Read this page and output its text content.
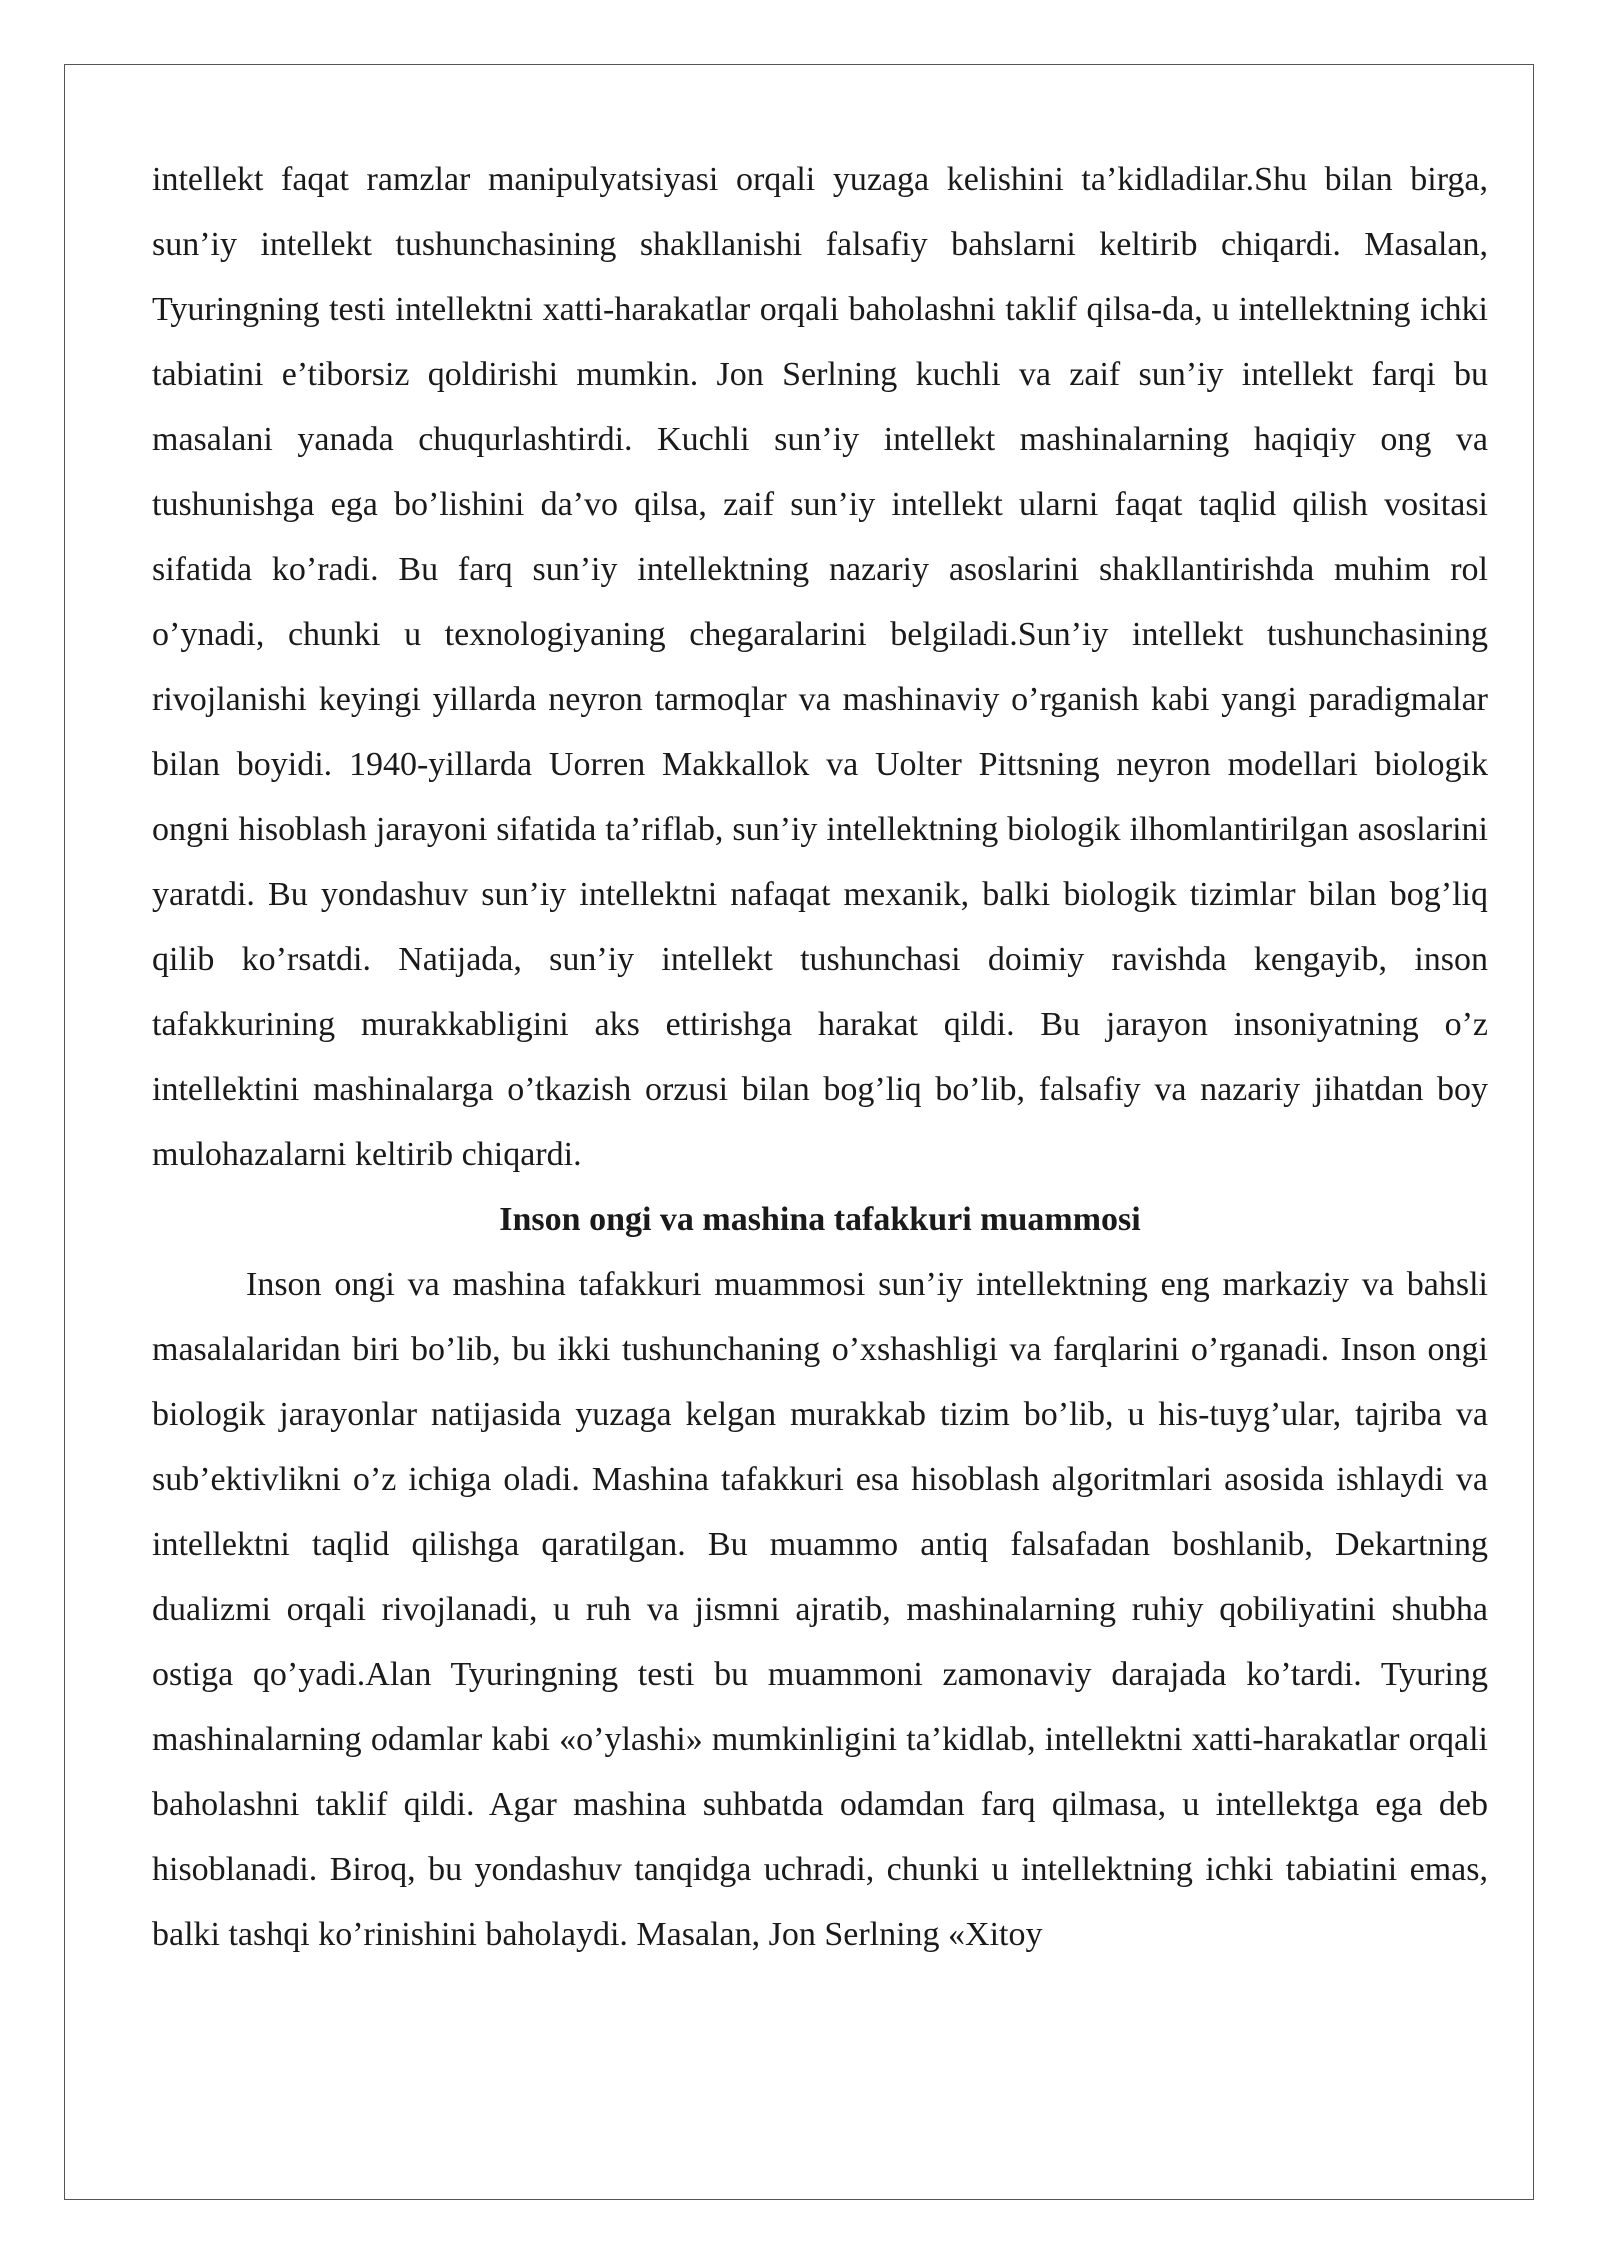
intellekt faqat ramzlar manipulyatsiyasi orqali yuzaga kelishini ta’kidladilar.Shu bilan birga, sun’iy intellekt tushunchasining shakllanishi falsafiy bahslarni keltirib chiqardi. Masalan, Tyuringning testi intellektni xatti-harakatlar orqali baholashni taklif qilsa-da, u intellektning ichki tabiatini e’tiborsiz qoldirishi mumkin. Jon Serlning kuchli va zaif sun’iy intellekt farqi bu masalani yanada chuqurlashtirdi. Kuchli sun’iy intellekt mashinalarning haqiqiy ong va tushunishga ega bo’lishini da’vo qilsa, zaif sun’iy intellekt ularni faqat taqlid qilish vositasi sifatida ko’radi. Bu farq sun’iy intellektning nazariy asoslarini shakllantirishda muhim rol o’ynadi, chunki u texnologiyaning chegaralarini belgiladi.Sun’iy intellekt tushunchasining rivojlanishi keyingi yillarda neyron tarmoqlar va mashinaviy o’rganish kabi yangi paradigmalar bilan boyidi. 1940-yillarda Uorren Makkallok va Uolter Pittsning neyron modellari biologik ongni hisoblash jarayoni sifatida ta’riflab, sun’iy intellektning biologik ilhomlantirilgan asoslarini yaratdi. Bu yondashuv sun’iy intellektni nafaqat mexanik, balki biologik tizimlar bilan bog’liq qilib ko’rsatdi. Natijada, sun’iy intellekt tushunchasi doimiy ravishda kengayib, inson tafakkurining murakkabligini aks ettirishga harakat qildi. Bu jarayon insoniyatning o’z intellektini mashinalarga o’tkazish orzusi bilan bog’liq bo’lib, falsafiy va nazariy jihatdan boy mulohazalarni keltirib chiqardi.

Inson ongi va mashina tafakkuri muammosi

Inson ongi va mashina tafakkuri muammosi sun’iy intellektning eng markaziy va bahsli masalalaridan biri bo’lib, bu ikki tushunchaning o’xshashligi va farqlarini o’rganadi. Inson ongi biologik jarayonlar natijasida yuzaga kelgan murakkab tizim bo’lib, u his-tuyg’ular, tajriba va sub’ektivlikni o’z ichiga oladi. Mashina tafakkuri esa hisoblash algoritmlari asosida ishlaydi va intellektni taqlid qilishga qaratilgan. Bu muammo antiq falsafadan boshlanib, Dekartning dualizmi orqali rivojlanadi, u ruh va jismni ajratib, mashinalarning ruhiy qobiliyatini shubha ostiga qo’yadi.Alan Tyuringning testi bu muammoni zamonaviy darajada ko’tardi. Tyuring mashinalarning odamlar kabi «o’ylashi» mumkinligini ta’kidlab, intellektni xatti-harakatlar orqali baholashni taklif qildi. Agar mashina suhbatda odamdan farq qilmasa, u intellektga ega deb hisoblanadi. Biroq, bu yondashuv tanqidga uchradi, chunki u intellektning ichki tabiatini emas, balki tashqi ko’rinishini baholaydi. Masalan, Jon Serlning «Xitoy
